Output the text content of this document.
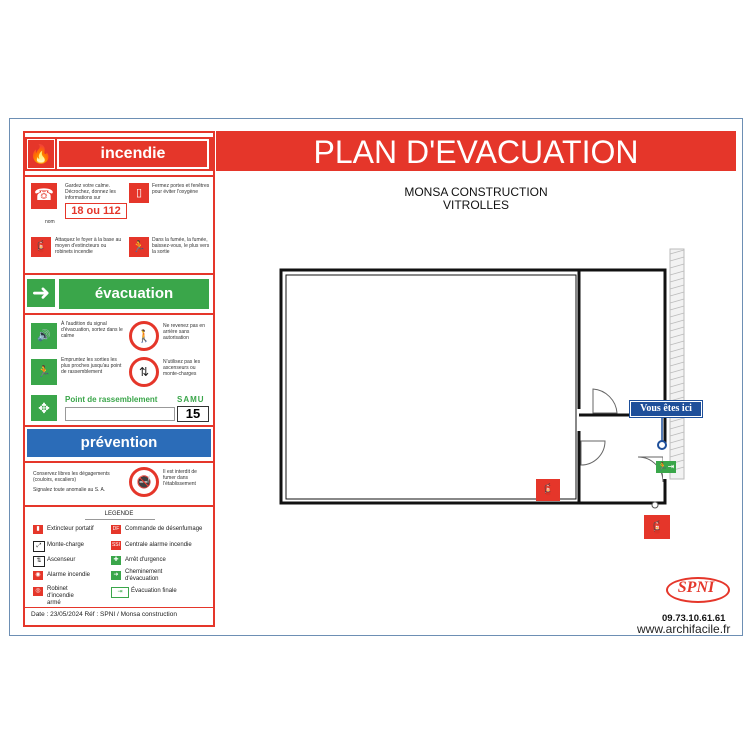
🔥	incendie
☎
Gardez votre calme. Décrochez, donnez les informations sur
18 ou 112
nom
▯
Fermez portes et fenêtres pour éviter l'oxygène
🧯
Attaquez le foyer à la base au moyen d'extincteurs ou robinets incendie	🏃
Dans la fumée, la fumée, baissez-vous, le plus vers la sortie
➜	évacuation
🔊
À l'audition du signal d'évacuation, sortez dans le calme	🚶
Ne revenez pas en arrière sans autorisation
🏃
Empruntez les sorties les plus proches jusqu'au point de rassemblement	⇅
N'utilisez pas les ascenseurs ou monte-charges
✥
Point de rassemblement SAMU
15
prévention
Conservez libres les dégagements (couloirs, escaliers)
Signalez toute anomalie au S. A.
🚭
Il est interdit de fumer dans l'établissement
LEGENDE
▮	Extincteur portatif
⤢ Monte-charge
⇅ Ascenseur
◉	Alarme incendie
◎	Robinet d'incendie armé
DF Commande de désenfumage
SSI Centrale alarme incendie
✚	Arrêt d'urgence
➜	Cheminement d'évacuation
⇥	Évacuation finale
Date : 23/05/2024 Réf : SPNI / Monsa construction
PLAN D'EVACUATION
MONSA CONSTRUCTION
VITROLLES
Vous êtes ici
🏃⇥
🧯
🧯
SPNI
09.73.10.61.61
www.archifacile.fr
